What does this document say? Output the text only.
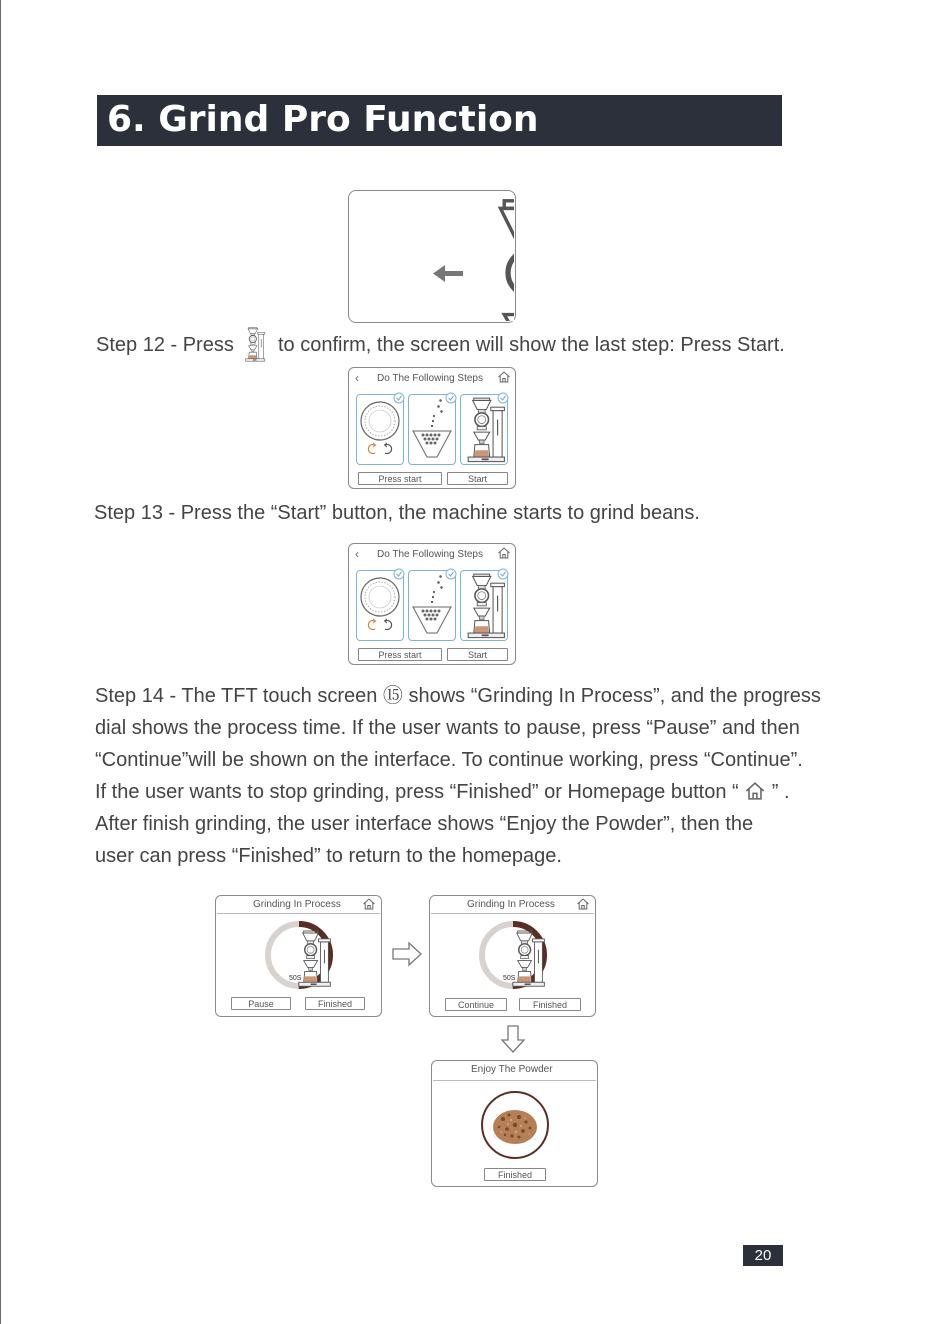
6. Grind Pro Function
Step 12 - Press to confirm, the screen will show the last step: Press Start.
‹ Do The Following Steps
Press start	Start
Step 13 - Press the “Start” button, the machine starts to grind beans.
‹ Do The Following Steps
Press start	Start
Step 14 - The TFT touch screen ⑮ shows “Grinding In Process”, and the progress
dial shows the process time. If the user wants to pause, press “Pause” and then
“Continue”will be shown on the interface. To continue working, press “Continue”.
If the user wants to stop grinding, press “Finished” or Homepage button “ ” .
After finish grinding, the user interface shows “Enjoy the Powder”, then the
user can press “Finished” to return to the homepage.
Grinding In Process
50S
Pause	Finished
Grinding In Process
50S
Continue	Finished
Enjoy The Powder
Finished
20
